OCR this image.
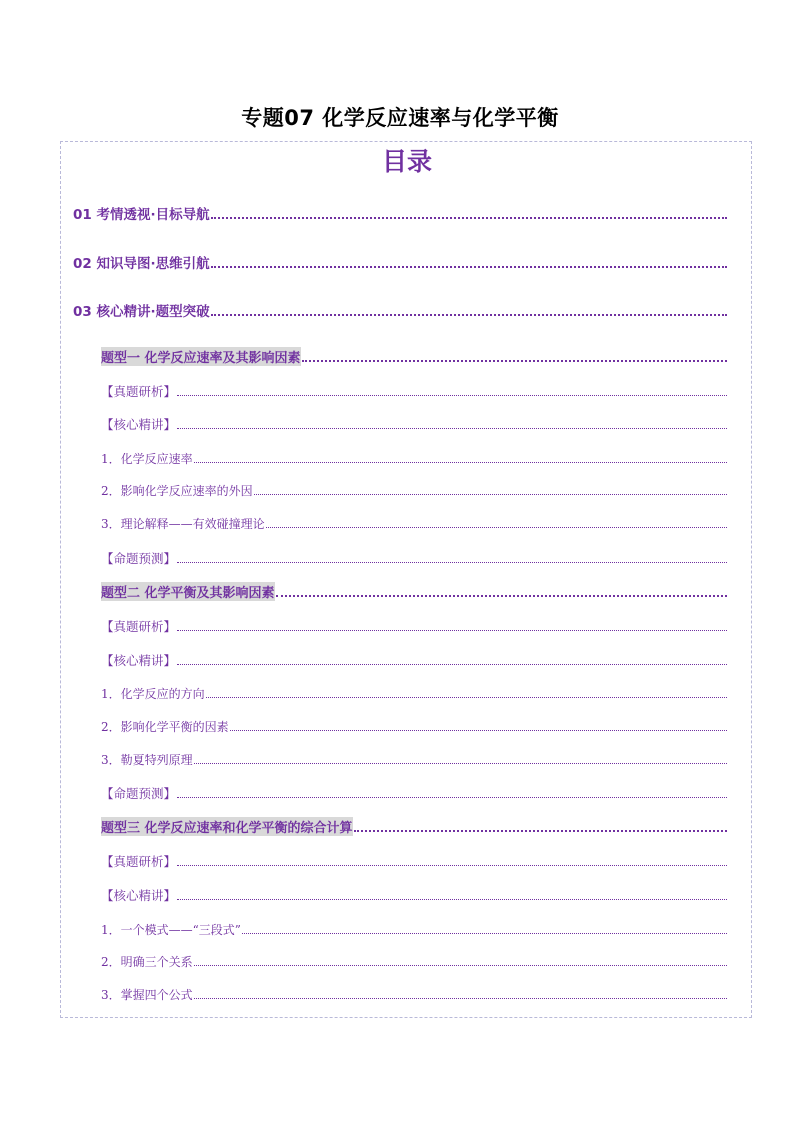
专题07 化学反应速率与化学平衡
目录
01 考情透视·目标导航
02 知识导图·思维引航
03 核心精讲·题型突破
题型一 化学反应速率及其影响因素
【真题研析】
【核心精讲】
1．化学反应速率
2．影响化学反应速率的外因
3．理论解释——有效碰撞理论
【命题预测】
题型二 化学平衡及其影响因素
【真题研析】
【核心精讲】
1．化学反应的方向
2．影响化学平衡的因素
3．勒夏特列原理
【命题预测】
题型三 化学反应速率和化学平衡的综合计算
【真题研析】
【核心精讲】
1．一个模式——“三段式”
2．明确三个关系
3．掌握四个公式
